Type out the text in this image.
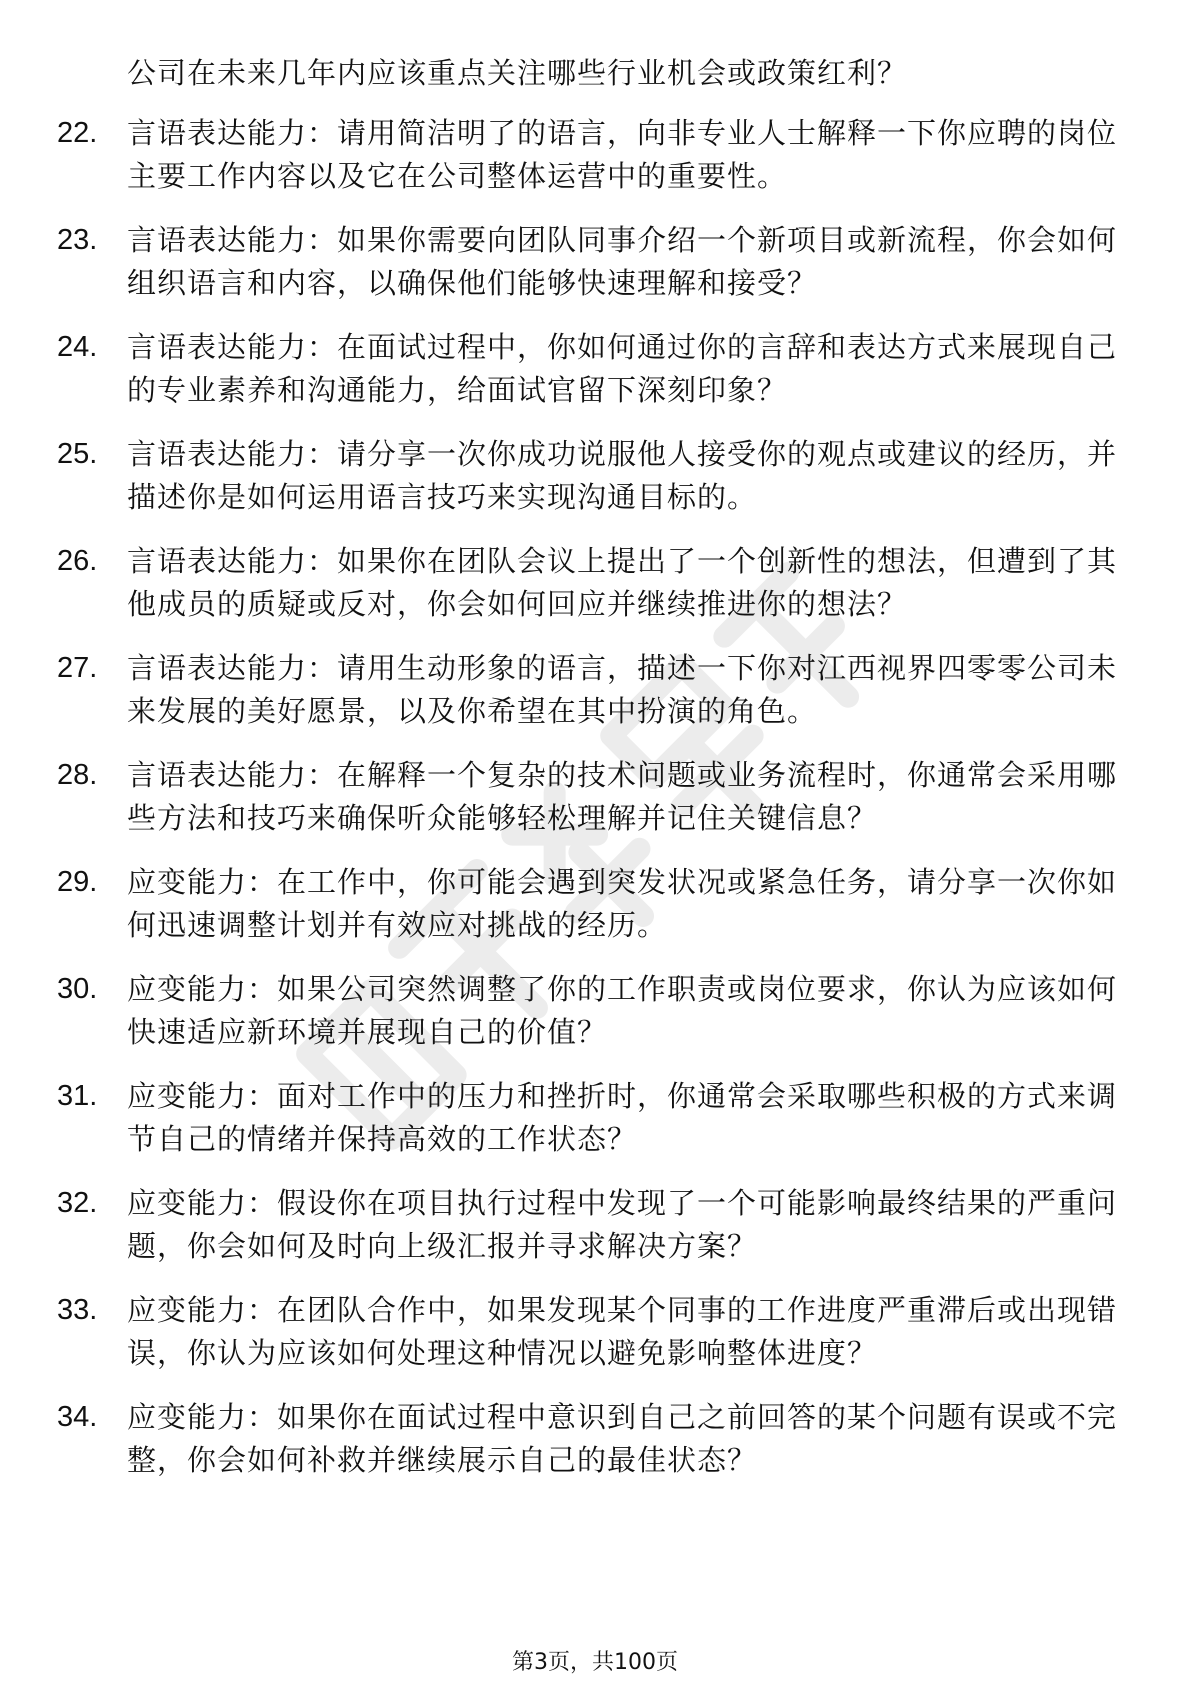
公司在未来几年内应该重点关注哪些行业机会或政策红利？
22.	言语表达能力：请用简洁明了的语言，向非专业人士解释一下你应聘的岗位主要工作内容以及它在公司整体运营中的重要性。
23.	言语表达能力：如果你需要向团队同事介绍一个新项目或新流程，你会如何组织语言和内容，以确保他们能够快速理解和接受？
24.	言语表达能力：在面试过程中，你如何通过你的言辞和表达方式来展现自己的专业素养和沟通能力，给面试官留下深刻印象？
25.	言语表达能力：请分享一次你成功说服他人接受你的观点或建议的经历，并描述你是如何运用语言技巧来实现沟通目标的。
26.	言语表达能力：如果你在团队会议上提出了一个创新性的想法，但遭到了其他成员的质疑或反对，你会如何回应并继续推进你的想法？
27.	言语表达能力：请用生动形象的语言，描述一下你对江西视界四零零公司未来发展的美好愿景，以及你希望在其中扮演的角色。
28.	言语表达能力：在解释一个复杂的技术问题或业务流程时，你通常会采用哪些方法和技巧来确保听众能够轻松理解并记住关键信息？
29.	应变能力：在工作中，你可能会遇到突发状况或紧急任务，请分享一次你如何迅速调整计划并有效应对挑战的经历。
30.	应变能力：如果公司突然调整了你的工作职责或岗位要求，你认为应该如何快速适应新环境并展现自己的价值？
31.	应变能力：面对工作中的压力和挫折时，你通常会采取哪些积极的方式来调节自己的情绪并保持高效的工作状态？
32.	应变能力：假设你在项目执行过程中发现了一个可能影响最终结果的严重问题，你会如何及时向上级汇报并寻求解决方案？
33.	应变能力：在团队合作中，如果发现某个同事的工作进度严重滞后或出现错误，你认为应该如何处理这种情况以避免影响整体进度？
34.	应变能力：如果你在面试过程中意识到自己之前回答的某个问题有误或不完整，你会如何补救并继续展示自己的最佳状态？
第3页，共100页
